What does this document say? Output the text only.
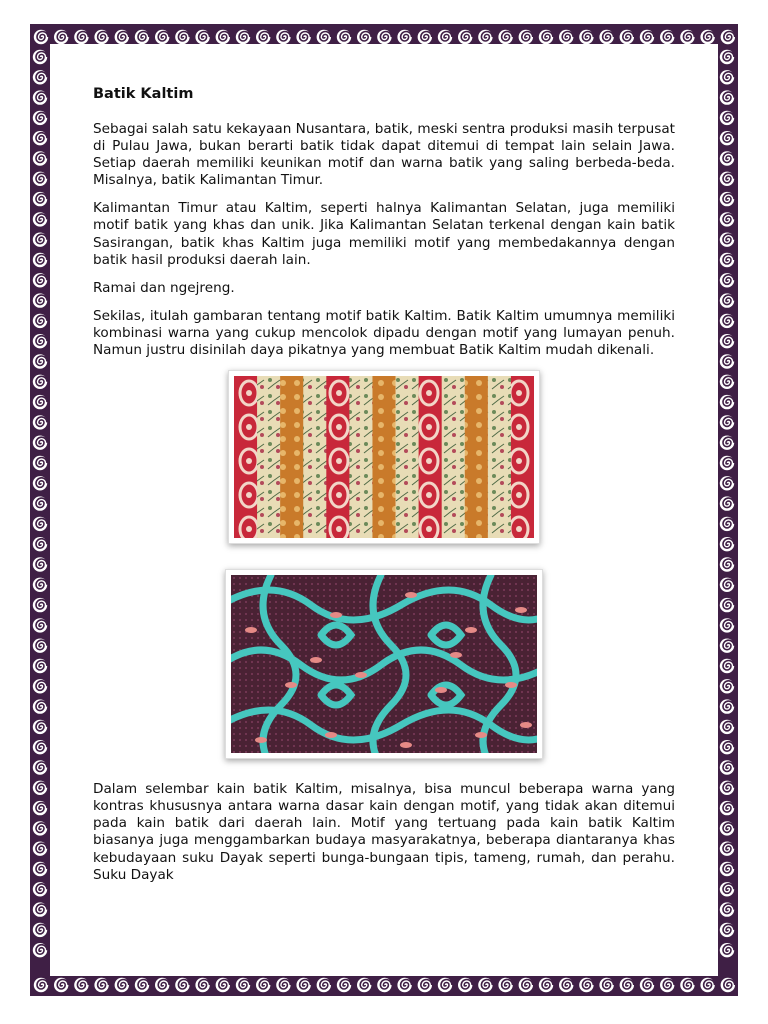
Batik Kaltim

Sebagai salah satu kekayaan Nusantara, batik, meski sentra produksi masih terpusat di Pulau Jawa, bukan berarti batik tidak dapat ditemui di tempat lain selain Jawa. Setiap daerah memiliki keunikan motif dan warna batik yang saling berbeda-beda. Misalnya, batik Kalimantan Timur.

Kalimantan Timur atau Kaltim, seperti halnya Kalimantan Selatan, juga memiliki motif batik yang khas dan unik. Jika Kalimantan Selatan terkenal dengan kain batik Sasirangan, batik khas Kaltim juga memiliki motif yang membedakannya dengan batik hasil produksi daerah lain.

Ramai dan ngejreng.

Sekilas, itulah gambaran tentang motif batik Kaltim. Batik Kaltim umumnya memiliki kombinasi warna yang cukup mencolok dipadu dengan motif yang lumayan penuh. Namun justru disinilah daya pikatnya yang membuat Batik Kaltim mudah dikenali.

Dalam selembar kain batik Kaltim, misalnya, bisa muncul beberapa warna yang kontras khususnya antara warna dasar kain dengan motif, yang tidak akan ditemui pada kain batik dari daerah lain. Motif yang tertuang pada kain batik Kaltim biasanya juga menggambarkan budaya masyarakatnya, beberapa diantaranya khas kebudayaan suku Dayak seperti bunga-bungaan tipis, tameng, rumah, dan perahu. Suku Dayak
